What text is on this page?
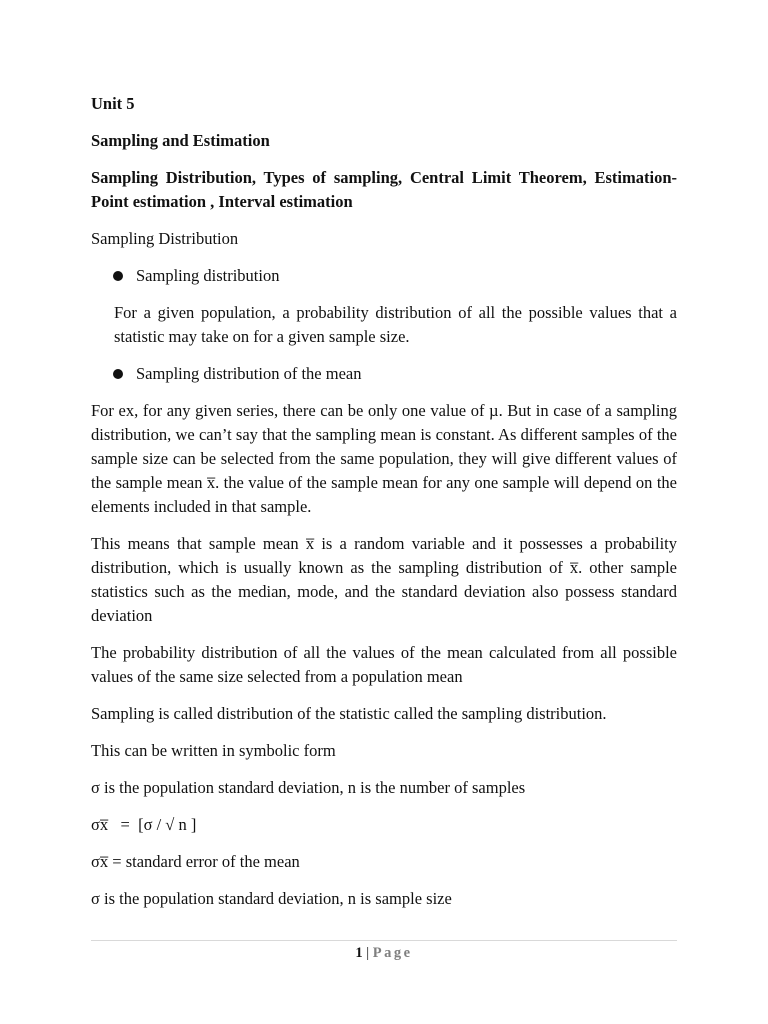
Unit 5

Sampling and Estimation

Sampling Distribution, Types of sampling, Central Limit Theorem, Estimation- Point estimation , Interval estimation

Sampling Distribution

Sampling distribution

For a given population, a probability distribution of all the possible values that a statistic may take on for a given sample size.

Sampling distribution of the mean

For ex, for any given series, there can be only one value of µ. But in case of a sampling distribution, we can’t say that the sampling mean is constant. As different samples of the sample size can be selected from the same population, they will give different values of the sample mean x̅. the value of the sample mean for any one sample will depend on the elements included in that sample.

This means that sample mean x̅ is a random variable and it possesses a probability distribution, which is usually known as the sampling distribution of x̅. other sample statistics such as the median, mode, and the standard deviation also possess standard deviation

The probability distribution of all the values of the mean calculated from all possible values of the same size selected from a population mean

Sampling is called distribution of the statistic called the sampling distribution.

This can be written in symbolic form

σ is the population standard deviation, n is the number of samples

σx̅   =  [σ / √ n ]

σx̅ = standard error of the mean

σ is the population standard deviation, n is sample size

1 | Page
